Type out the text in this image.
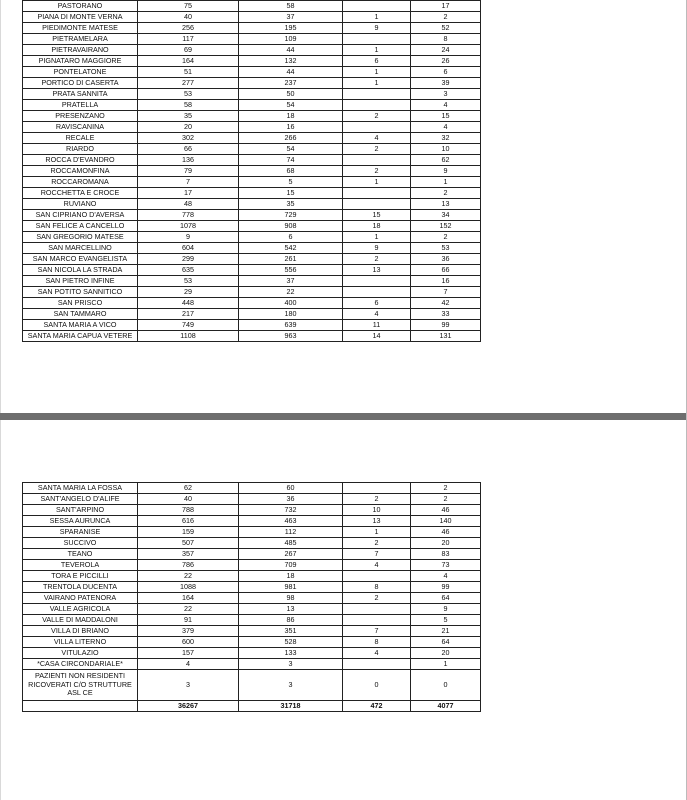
PASTORANO	75	58		17
PIANA DI MONTE VERNA	40	37	1	2
PIEDIMONTE MATESE	256	195	9	52
PIETRAMELARA	117	109		8
PIETRAVAIRANO	69	44	1	24
PIGNATARO MAGGIORE	164	132	6	26
PONTELATONE	51	44	1	6
PORTICO DI CASERTA	277	237	1	39
PRATA SANNITA	53	50		3
PRATELLA	58	54		4
PRESENZANO	35	18	2	15
RAVISCANINA	20	16		4
RECALE	302	266	4	32
RIARDO	66	54	2	10
ROCCA D'EVANDRO	136	74		62
ROCCAMONFINA	79	68	2	9
ROCCAROMANA	7	5	1	1
ROCCHETTA E CROCE	17	15		2
RUVIANO	48	35		13
SAN CIPRIANO D'AVERSA	778	729	15	34
SAN FELICE A CANCELLO	1078	908	18	152
SAN GREGORIO MATESE	9	6	1	2
SAN MARCELLINO	604	542	9	53
SAN MARCO EVANGELISTA	299	261	2	36
SAN NICOLA LA STRADA	635	556	13	66
SAN PIETRO INFINE	53	37		16
SAN POTITO SANNITICO	29	22		7
SAN PRISCO	448	400	6	42
SAN TAMMARO	217	180	4	33
SANTA MARIA A VICO	749	639	11	99
SANTA MARIA CAPUA VETERE	1108	963	14	131
SANTA MARIA LA FOSSA	62	60		2
SANT'ANGELO D'ALIFE	40	36	2	2
SANT'ARPINO	788	732	10	46
SESSA AURUNCA	616	463	13	140
SPARANISE	159	112	1	46
SUCCIVO	507	485	2	20
TEANO	357	267	7	83
TEVEROLA	786	709	4	73
TORA E PICCILLI	22	18		4
TRENTOLA DUCENTA	1088	981	8	99
VAIRANO PATENORA	164	98	2	64
VALLE AGRICOLA	22	13		9
VALLE DI MADDALONI	91	86		5
VILLA DI BRIANO	379	351	7	21
VILLA LITERNO	600	528	8	64
VITULAZIO	157	133	4	20
*CASA CIRCONDARIALE*	4	3		1
PAZIENTI NON RESIDENTI RICOVERATI C/O STRUTTURE ASL CE	3	3	0	0
	36267	31718	472	4077
